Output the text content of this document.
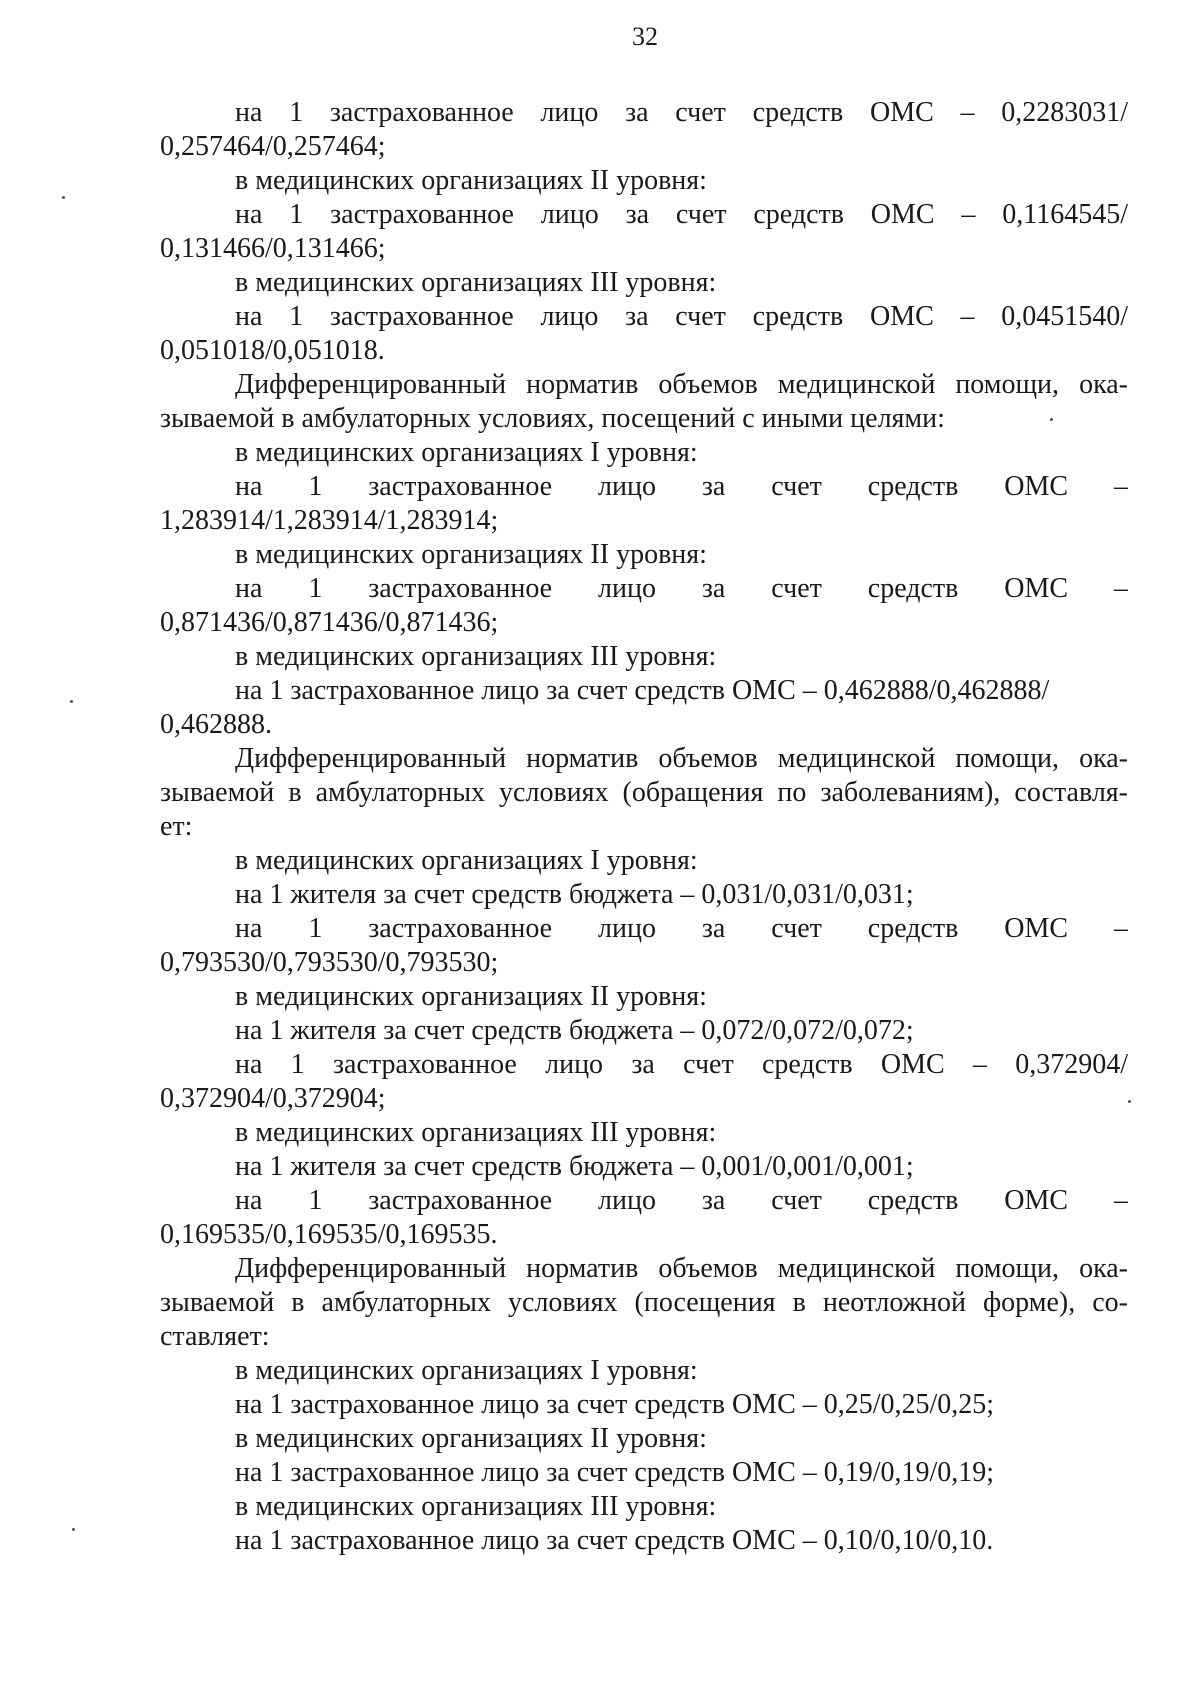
32
на 1 застрахованное лицо за счет средств ОМС – 0,2283031/
0,257464/0,257464;
в медицинских организациях II уровня:
на 1 застрахованное лицо за счет средств ОМС – 0,1164545/
0,131466/0,131466;
в медицинских организациях III уровня:
на 1 застрахованное лицо за счет средств ОМС – 0,0451540/
0,051018/0,051018.
Дифференцированный норматив объемов медицинской помощи, ока-
зываемой в амбулаторных условиях, посещений с иными целями:
в медицинских организациях I уровня:
на 1 застрахованное лицо за счет средств ОМС –
1,283914/1,283914/1,283914;
в медицинских организациях II уровня:
на 1 застрахованное лицо за счет средств ОМС –
0,871436/0,871436/0,871436;
в медицинских организациях III уровня:
на 1 застрахованное лицо за счет средств ОМС – 0,462888/0,462888/
0,462888.
Дифференцированный норматив объемов медицинской помощи, ока-
зываемой в амбулаторных условиях (обращения по заболеваниям), составля-
ет:
в медицинских организациях I уровня:
на 1 жителя за счет средств бюджета – 0,031/0,031/0,031;
на 1 застрахованное лицо за счет средств ОМС –
0,793530/0,793530/0,793530;
в медицинских организациях II уровня:
на 1 жителя за счет средств бюджета – 0,072/0,072/0,072;
на 1 застрахованное лицо за счет средств ОМС – 0,372904/
0,372904/0,372904;
в медицинских организациях III уровня:
на 1 жителя за счет средств бюджета – 0,001/0,001/0,001;
на 1 застрахованное лицо за счет средств ОМС –
0,169535/0,169535/0,169535.
Дифференцированный норматив объемов медицинской помощи, ока-
зываемой в амбулаторных условиях (посещения в неотложной форме), со-
ставляет:
в медицинских организациях I уровня:
на 1 застрахованное лицо за счет средств ОМС – 0,25/0,25/0,25;
в медицинских организациях II уровня:
на 1 застрахованное лицо за счет средств ОМС – 0,19/0,19/0,19;
в медицинских организациях III уровня:
на 1 застрахованное лицо за счет средств ОМС – 0,10/0,10/0,10.
